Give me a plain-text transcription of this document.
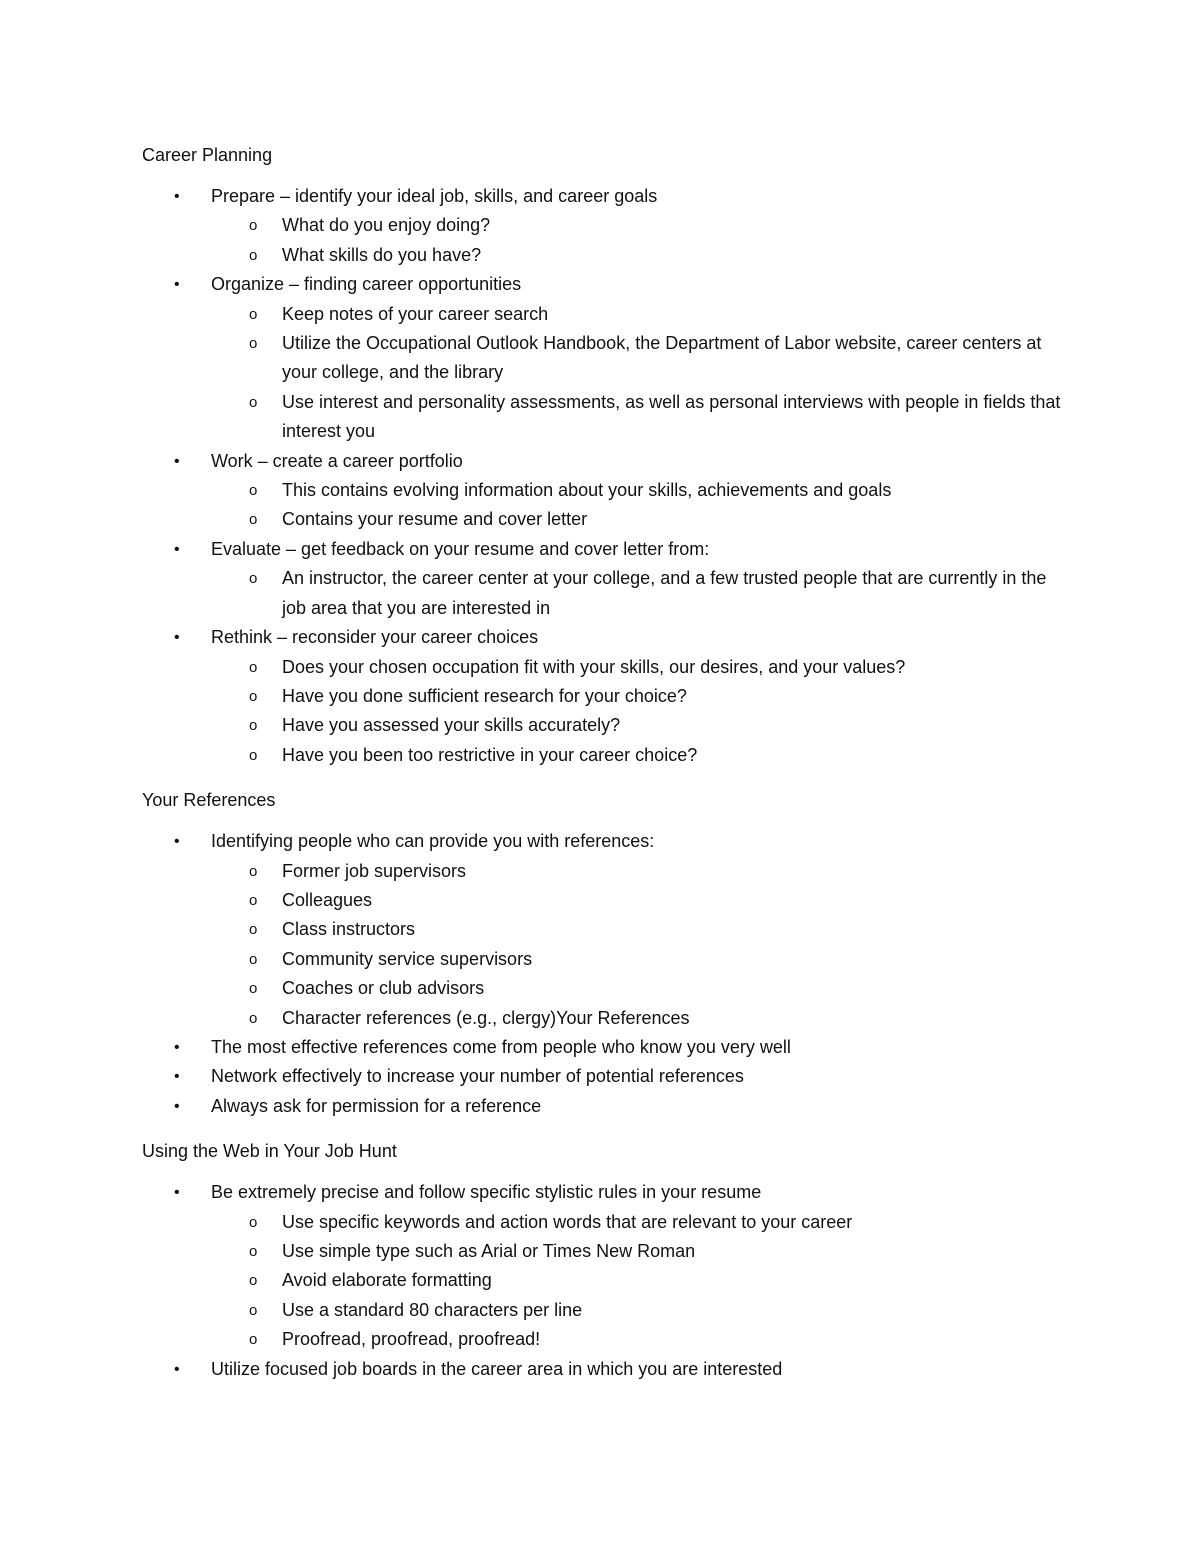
Career Planning
• Prepare – identify your ideal job, skills, and career goals
o What do you enjoy doing?
o What skills do you have?
• Organize – finding career opportunities
o Keep notes of your career search
o Utilize the Occupational Outlook Handbook, the Department of Labor website, career centers at your college, and the library
o Use interest and personality assessments, as well as personal interviews with people in fields that interest you
• Work – create a career portfolio
o This contains evolving information about your skills, achievements and goals
o Contains your resume and cover letter
• Evaluate – get feedback on your resume and cover letter from:
o An instructor, the career center at your college, and a few trusted people that are currently in the job area that you are interested in
• Rethink – reconsider your career choices
o Does your chosen occupation fit with your skills, our desires, and your values?
o Have you done sufficient research for your choice?
o Have you assessed your skills accurately?
o Have you been too restrictive in your career choice?
Your References
• Identifying people who can provide you with references:
o Former job supervisors
o Colleagues
o Class instructors
o Community service supervisors
o Coaches or club advisors
o Character references (e.g., clergy)Your References
• The most effective references come from people who know you very well
• Network effectively to increase your number of potential references
• Always ask for permission for a reference
Using the Web in Your Job Hunt
• Be extremely precise and follow specific stylistic rules in your resume
o Use specific keywords and action words that are relevant to your career
o Use simple type such as Arial or Times New Roman
o Avoid elaborate formatting
o Use a standard 80 characters per line
o Proofread, proofread, proofread!
• Utilize focused job boards in the career area in which you are interested
